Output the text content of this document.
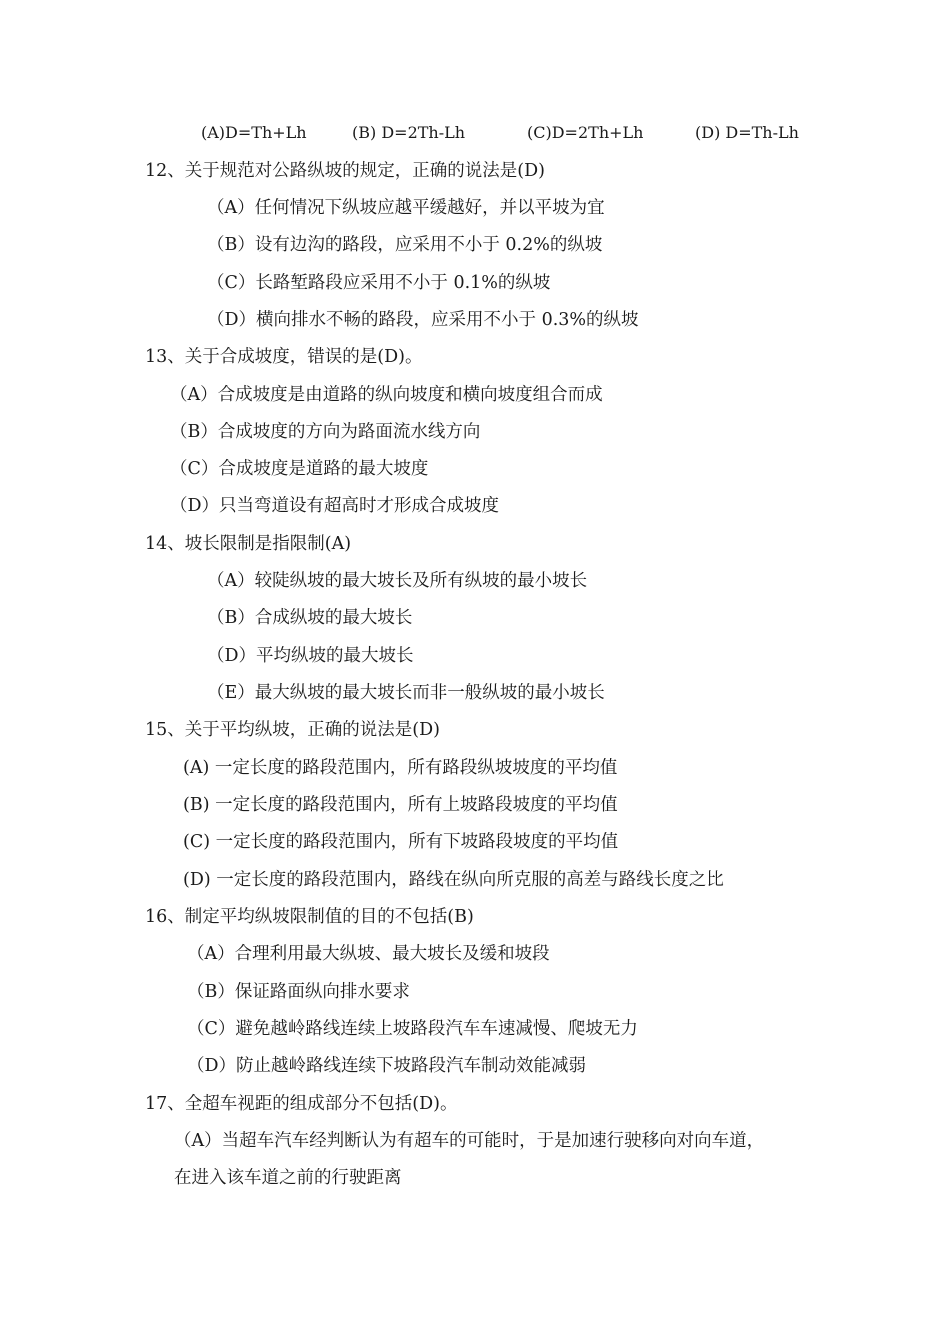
(A)D=Th+Lh	(B) D=2Th-Lh	(C)D=2Th+Lh	(D) D=Th-Lh
12、关于规范对公路纵坡的规定，正确的说法是(D)
（A）任何情况下纵坡应越平缓越好，并以平坡为宜
（B）设有边沟的路段，应采用不小于 0.2%的纵坡
（C）长路堑路段应采用不小于 0.1%的纵坡
（D）横向排水不畅的路段，应采用不小于 0.3%的纵坡
13、关于合成坡度，错误的是(D)。
（A）合成坡度是由道路的纵向坡度和横向坡度组合而成
（B）合成坡度的方向为路面流水线方向
（C）合成坡度是道路的最大坡度
（D）只当弯道设有超高时才形成合成坡度
14、坡长限制是指限制(A)
（A）较陡纵坡的最大坡长及所有纵坡的最小坡长
（B）合成纵坡的最大坡长
（D）平均纵坡的最大坡长
（E）最大纵坡的最大坡长而非一般纵坡的最小坡长
15、关于平均纵坡，正确的说法是(D)
(A) 一定长度的路段范围内，所有路段纵坡坡度的平均值
(B) 一定长度的路段范围内，所有上坡路段坡度的平均值
(C) 一定长度的路段范围内，所有下坡路段坡度的平均值
(D) 一定长度的路段范围内，路线在纵向所克服的高差与路线长度之比
16、制定平均纵坡限制值的目的不包括(B)
（A）合理利用最大纵坡、最大坡长及缓和坡段
（B）保证路面纵向排水要求
（C）避免越岭路线连续上坡路段汽车车速减慢、爬坡无力
（D）防止越岭路线连续下坡路段汽车制动效能减弱
17、全超车视距的组成部分不包括(D)。
（A）当超车汽车经判断认为有超车的可能时，于是加速行驶移向对向车道，
在进入该车道之前的行驶距离
